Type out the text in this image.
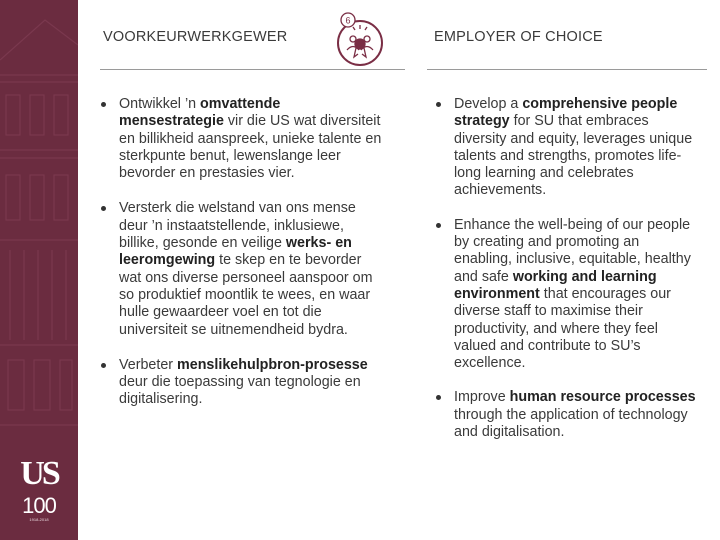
US
100
1918-2018
VOORKEURWERKGEWER	EMPLOYER OF CHOICE
6
Ontwikkel ’n omvattende mensestrategie vir die US wat diversiteit en billikheid aanspreek, unieke talente en sterkpunte benut, lewenslange leer bevorder en prestasies vier.
Versterk die welstand van ons mense deur ’n instaatstellende, inklusiewe, billike, gesonde en veilige werks- en leeromgewing te skep en te bevorder wat ons diverse personeel aanspoor om so produktief moontlik te wees, en waar hulle gewaardeer voel en tot die universiteit se uitnemendheid bydra.
Verbeter menslikehulpbron-prosesse deur die toepassing van tegnologie en digitalisering.
Develop a comprehensive people strategy for SU that embraces diversity and equity, leverages unique talents and strengths, promotes life-long learning and celebrates achievements.
Enhance the well-being of our people by creating and promoting an enabling, inclusive, equitable, healthy and safe working and learning environment that encourages our diverse staff to maximise their productivity, and where they feel valued and contribute to SU’s excellence.
Improve human resource processes through the application of technology and digitalisation.
